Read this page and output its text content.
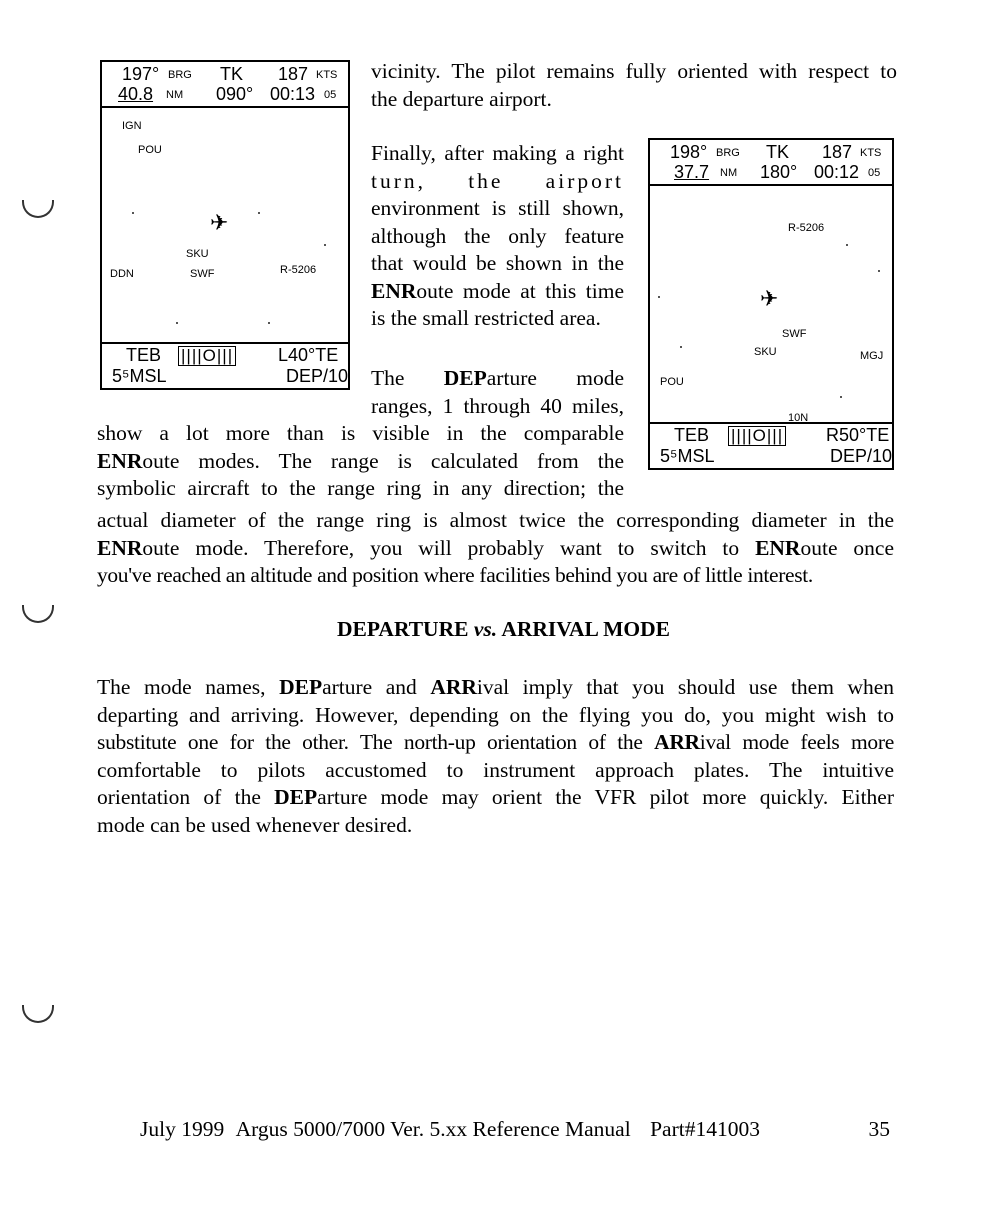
197° BRG TK 187 KTS
40.8 NM 090° 00:13 05
IGN
POU
SKU
SWF	R-5206
DDN
✈
TEB ||||O||| L40°TE
5⁵MSL	DEP/10
198° BRG TK 187 KTS
37.7 NM 180° 00:12 05
R-5206
SWF
SKU	MGJ
POU
10N
✈
TEB ||||O||| R50°TE
5⁵MSL	DEP/10
vicinity. The pilot remains fully oriented with respect to
the departure airport.
Finally, after making a right
turn, the airport
environment is still shown,
although the only feature
that would be shown in the
ENRoute mode at this time
is the small restricted area.
The DEParture mode
ranges, 1 through 40 miles,
show a lot more than is visible in the comparable
ENRoute modes. The range is calculated from the
symbolic aircraft to the range ring in any direction; the
actual diameter of the range ring is almost twice the corresponding diameter in the
ENRoute mode. Therefore, you will probably want to switch to ENRoute once
you've reached an altitude and position where facilities behind you are of little interest.
DEPARTURE vs. ARRIVAL MODE
The mode names, DEParture and ARRival imply that you should use them when
departing and arriving. However, depending on the flying you do, you might wish to
substitute one for the other. The north-up orientation of the ARRival mode feels more
comfortable to pilots accustomed to instrument approach plates. The intuitive
orientation of the DEParture mode may orient the VFR pilot more quickly. Either
mode can be used whenever desired.
July 1999 Argus 5000/7000 Ver. 5.xx Reference Manual Part#141003	35
